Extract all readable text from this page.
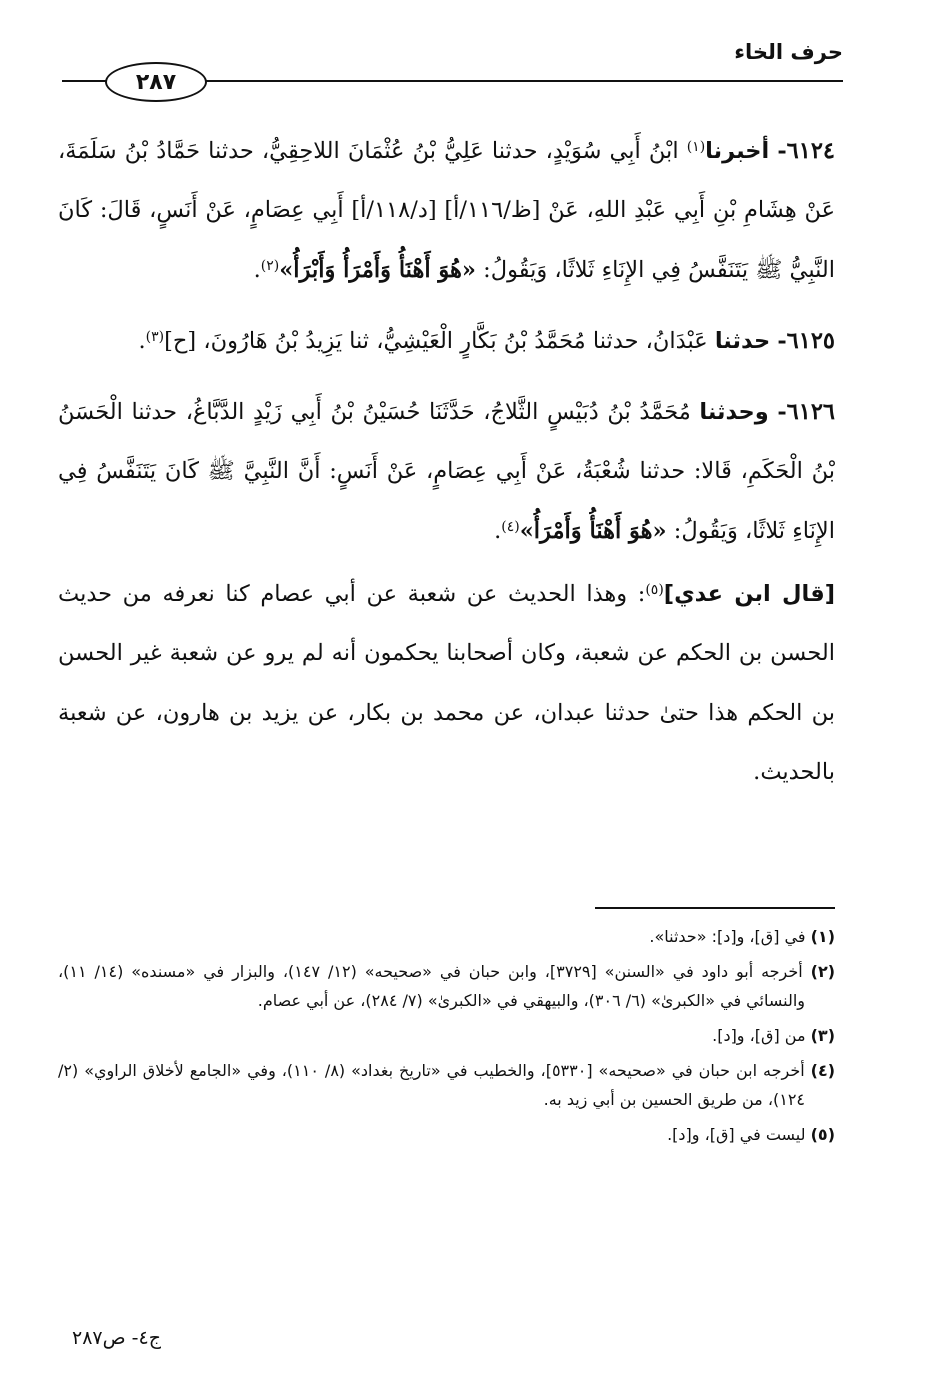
حرف الخاء
٢٨٧

٦١٢٤- أخبرنا$^{(١)}$ ابْنُ أَبِي سُوَيْدٍ، حدثنا عَلِيُّ بْنُ عُثْمَانَ اللاحِقِيُّ، حدثنا حَمَّادُ بْنُ سَلَمَةَ، عَنْ هِشَامِ بْنِ أَبِي عَبْدِ اللهِ، عَنْ [ظ/١١٦/أ] [د/١١٨/أ] أَبِي عِصَامٍ، عَنْ أَنَسٍ، قَالَ: كَانَ النَّبِيُّ ﷺ يَتَنَفَّسُ فِي الإِنَاءِ ثَلاثًا، وَيَقُولُ: «هُوَ أَهْنَأُ وَأَمْرَأُ وَأَبْرَأُ»$^{(٢)}$.

٦١٢٥- حدثنا عَبْدَانُ، حدثنا مُحَمَّدُ بْنُ بَكَّارٍ الْعَيْشِيُّ، ثنا يَزِيدُ بْنُ هَارُونَ، [ح]$^{(٣)}$.

٦١٢٦- وحدثنا مُحَمَّدُ بْنُ دُبَيْسٍ الثَّلاجُ، حَدَّثَنَا حُسَيْنُ بْنُ أَبِي زَيْدٍ الدَّبَّاغُ، حدثنا الْحَسَنُ بْنُ الْحَكَمِ، قَالا: حدثنا شُعْبَةُ، عَنْ أَبِي عِصَامٍ، عَنْ أَنَسٍ: أَنَّ النَّبِيَّ ﷺ كَانَ يَتَنَفَّسُ فِي الإِنَاءِ ثَلاثًا، وَيَقُولُ: «هُوَ أَهْنَأُ وَأَمْرَأُ»$^{(٤)}$.

[قال ابن عدي]$^{(٥)}$: وهذا الحديث عن شعبة عن أبي عصام كنا نعرفه من حديث الحسن بن الحكم عن شعبة، وكان أصحابنا يحكمون أنه لم يرو عن شعبة غير الحسن بن الحكم هذا حتىٰ حدثنا عبدان، عن محمد بن بكار، عن يزيد بن هارون، عن شعبة بالحديث.

(١) في [ق]، و[د]: «حدثنا».

(٢) أخرجه أبو داود في «السنن» [٣٧٢٩]، وابن حبان في «صحيحه» (١٢/ ١٤٧)، والبزار في «مسنده» (١٤/ ١١)، والنسائي في «الكبرىٰ» (٦/ ٣٠٦)، والبيهقي في «الكبرىٰ» (٧/ ٢٨٤)، عن أبي عصام.

(٣) من [ق]، و[د].

(٤) أخرجه ابن حبان في «صحيحه» [٥٣٣٠]، والخطيب في «تاريخ بغداد» (٨/ ١١٠)، وفي «الجامع لأخلاق الراوي» (٢/ ١٢٤)، من طريق الحسين بن أبي زيد به.

(٥) ليست في [ق]، و[د].

ج٤- ص٢٨٧
